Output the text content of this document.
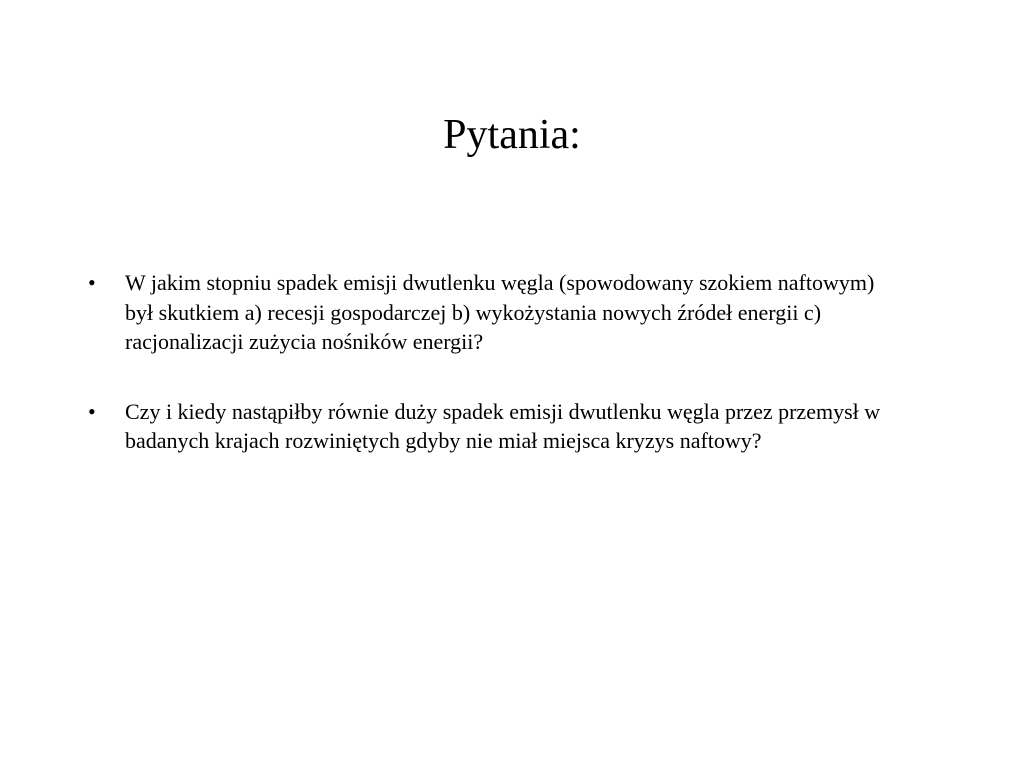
Pytania:
• W jakim stopniu spadek emisji dwutlenku węgla (spowodowany szokiem naftowym) był skutkiem a) recesji gospodarczej b) wykożystania nowych źródeł energii c) racjonalizacji zużycia nośników energii?
• Czy i kiedy nastąpiłby równie duży spadek emisji dwutlenku węgla przez przemysł w badanych krajach rozwiniętych gdyby nie miał miejsca kryzys naftowy?
